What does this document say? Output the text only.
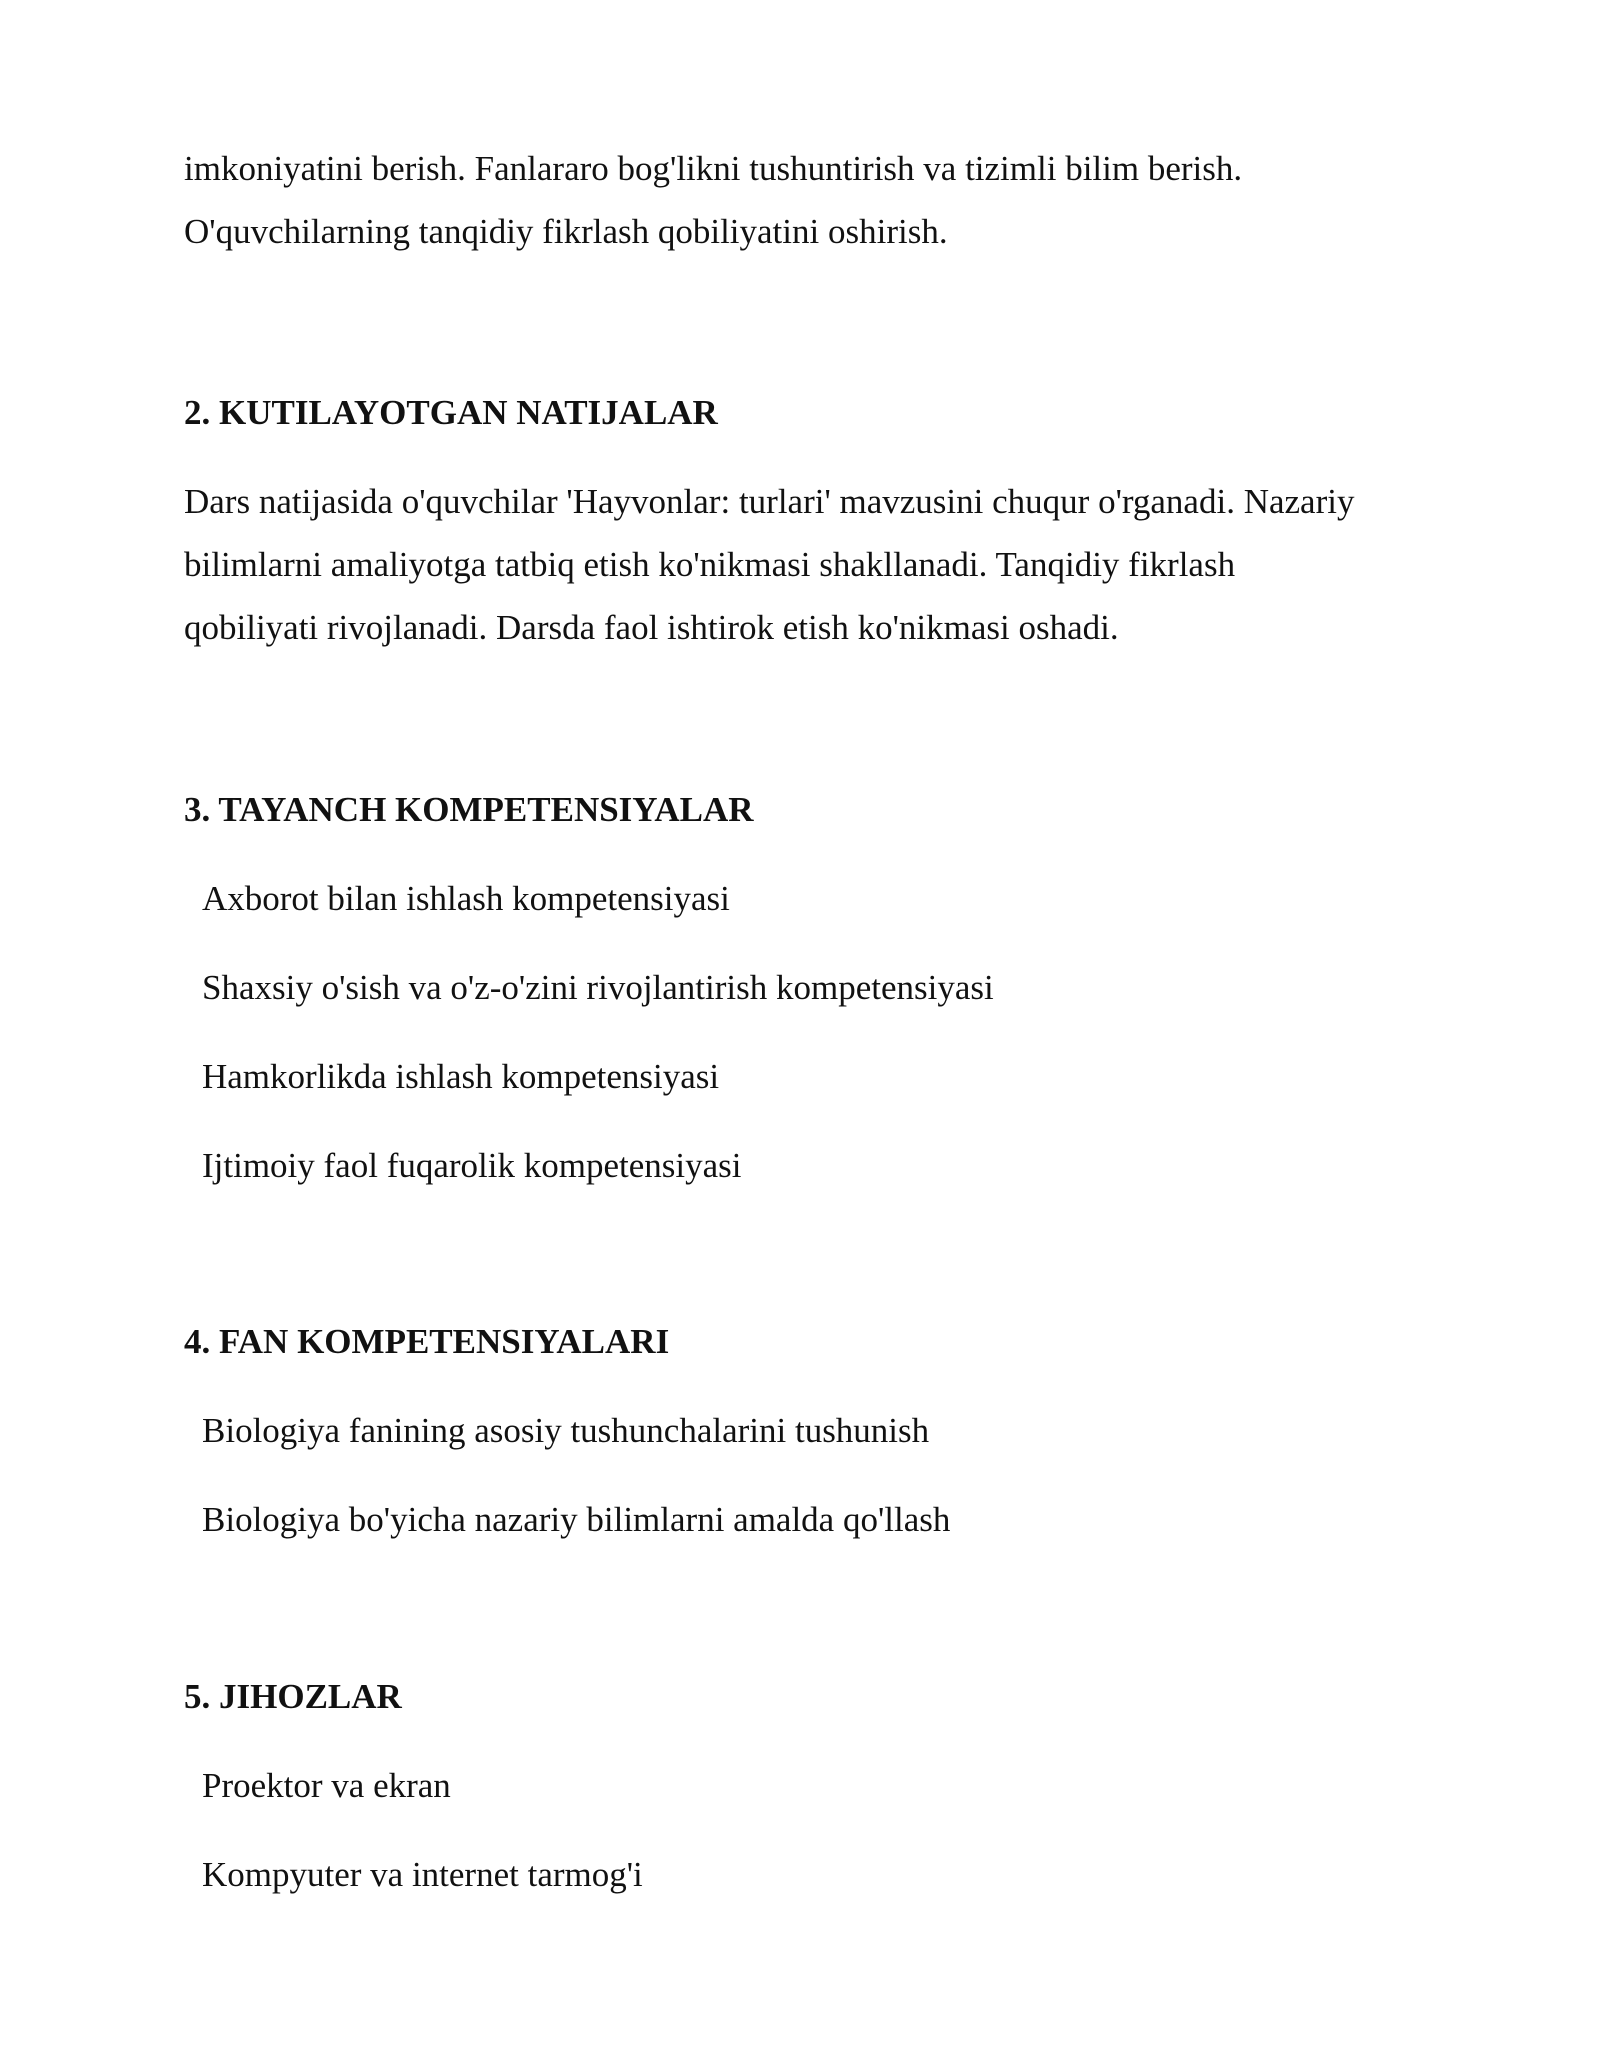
imkoniyatini berish. Fanlararo bog'likni tushuntirish va tizimli bilim berish.
O'quvchilarning tanqidiy fikrlash qobiliyatini oshirish.

2. KUTILAYOTGAN NATIJALAR

Dars natijasida o'quvchilar 'Hayvonlar: turlari' mavzusini chuqur o'rganadi. Nazariy
bilimlarni amaliyotga tatbiq etish ko'nikmasi shakllanadi. Tanqidiy fikrlash
qobiliyati rivojlanadi. Darsda faol ishtirok etish ko'nikmasi oshadi.

3. TAYANCH KOMPETENSIYALAR

Axborot bilan ishlash kompetensiyasi

Shaxsiy o'sish va o'z-o'zini rivojlantirish kompetensiyasi

Hamkorlikda ishlash kompetensiyasi

Ijtimoiy faol fuqarolik kompetensiyasi

4. FAN KOMPETENSIYALARI

Biologiya fanining asosiy tushunchalarini tushunish

Biologiya bo'yicha nazariy bilimlarni amalda qo'llash

5. JIHOZLAR

Proektor va ekran

Kompyuter va internet tarmog'i
